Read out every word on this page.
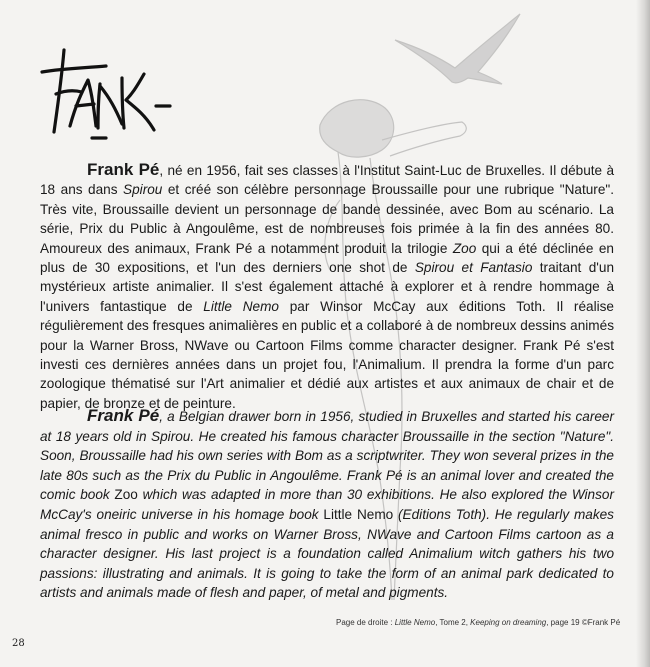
Frank Pé, né en 1956, fait ses classes à l'Institut Saint-Luc de Bruxelles. Il débute à 18 ans dans Spirou et créé son célèbre personnage Broussaille pour une rubrique "Nature". Très vite, Broussaille devient un personnage de bande dessinée, avec Bom au scénario. La série, Prix du Public à Angoulême, est de nombreuses fois primée à la fin des années 80. Amoureux des animaux, Frank Pé a notamment produit la trilogie Zoo qui a été déclinée en plus de 30 expositions, et l'un des derniers one shot de Spirou et Fantasio traitant d'un mystérieux artiste animalier. Il s'est également attaché à explorer et à rendre hommage à l'univers fantastique de Little Nemo par Winsor McCay aux éditions Toth. Il réalise régulièrement des fresques animalières en public et a collaboré à de nombreux dessins animés pour la Warner Bross, NWave ou Cartoon Films comme character designer. Frank Pé s'est investi ces dernières années dans un projet fou, l'Animalium. Il prendra la forme d'un parc zoologique thématisé sur l'Art animalier et dédié aux artistes et aux animaux de chair et de papier, de bronze et de peinture.

Frank Pé, a Belgian drawer born in 1956, studied in Bruxelles and started his career at 18 years old in Spirou. He created his famous character Broussaille in the section "Nature". Soon, Broussaille had his own series with Bom as a scriptwriter. They won several prizes in the late 80s such as the Prix du Public in Angoulême. Frank Pé is an animal lover and created the comic book Zoo which was adapted in more than 30 exhibitions. He also explored the Winsor McCay's oneiric universe in his homage book Little Nemo (Editions Toth). He regularly makes animal fresco in public and works on Warner Bross, NWave and Cartoon Films cartoon as a character designer. His last project is a foundation called Animalium witch gathers his two passions: illustrating and animals. It is going to take the form of an animal park dedicated to artists and animals made of flesh and paper, of metal and pigments.

Page de droite : Little Nemo, Tome 2, Keeping on dreaming, page 19 ©Frank Pé
28
